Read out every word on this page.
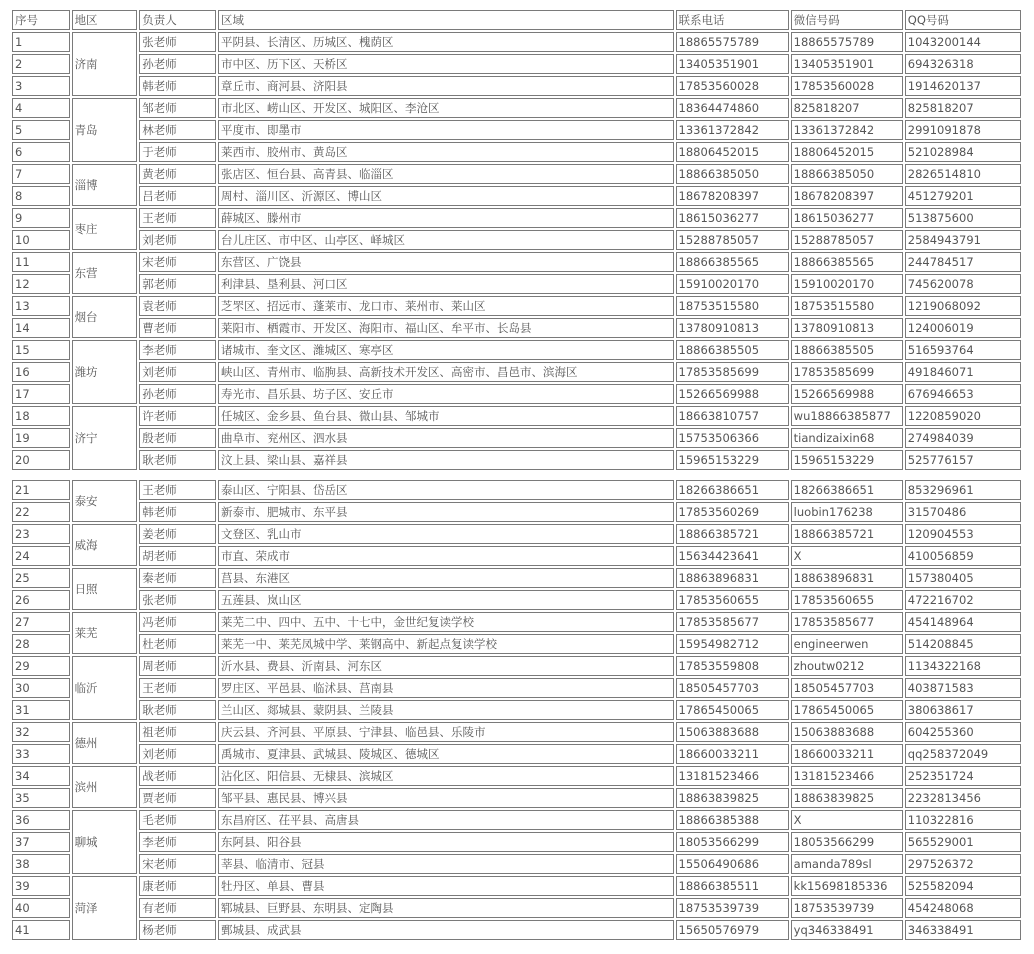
序号	地区	负责人	区域	联系电话	微信号码	QQ号码
1	济南	张老师	平阴县、长清区、历城区、槐荫区	18865575789	18865575789	1043200144
2		孙老师	市中区、历下区、天桥区	13405351901	13405351901	694326318
3		韩老师	章丘市、商河县、济阳县	17853560028	17853560028	1914620137
4	青岛	邹老师	市北区、崂山区、开发区、城阳区、李沧区	18364474860	825818207	825818207
5		林老师	平度市、即墨市	13361372842	13361372842	2991091878
6		于老师	莱西市、胶州市、黄岛区	18806452015	18806452015	521028984
7	淄博	黄老师	张店区、恒台县、高青县、临淄区	18866385050	18866385050	2826514810
8		吕老师	周村、淄川区、沂源区、博山区	18678208397	18678208397	451279201
9	枣庄	王老师	薛城区、滕州市	18615036277	18615036277	513875600
10		刘老师	台儿庄区、市中区、山亭区、峄城区	15288785057	15288785057	2584943791
11	东营	宋老师	东营区、广饶县	18866385565	18866385565	244784517
12		郭老师	利津县、垦利县、河口区	15910020170	15910020170	745620078
13	烟台	袁老师	芝罘区、招远市、蓬莱市、龙口市、莱州市、莱山区	18753515580	18753515580	1219068092
14		曹老师	莱阳市、栖霞市、开发区、海阳市、福山区、牟平市、长岛县	13780910813	13780910813	124006019
15	潍坊	李老师	诸城市、奎文区、潍城区、寒亭区	18866385505	18866385505	516593764
16		刘老师	峡山区、青州市、临朐县、高新技术开发区、高密市、昌邑市、滨海区	17853585699	17853585699	491846071
17		孙老师	寿光市、昌乐县、坊子区、安丘市	15266569988	15266569988	676946653
18	济宁	许老师	任城区、金乡县、鱼台县、微山县、邹城市	18663810757	wu18866385877	1220859020
19		殷老师	曲阜市、兖州区、泗水县	15753506366	tiandizaixin68	274984039
20		耿老师	汶上县、梁山县、嘉祥县	15965153229	15965153229	525776157
21	泰安	王老师	泰山区、宁阳县、岱岳区	18266386651	18266386651	853296961
22		韩老师	新泰市、肥城市、东平县	17853560269	luobin176238	31570486
23	威海	姜老师	文登区、乳山市	18866385721	18866385721	120904553
24		胡老师	市直、荣成市	15634423641	X	410056859
25	日照	秦老师	莒县、东港区	18863896831	18863896831	157380405
26		张老师	五莲县、岚山区	17853560655	17853560655	472216702
27	莱芜	冯老师	莱芜二中、四中、五中、十七中，金世纪复读学校	17853585677	17853585677	454148964
28		杜老师	莱芜一中、莱芜凤城中学、莱钢高中、新起点复读学校	15954982712	engineerwen	514208845
29	临沂	周老师	沂水县、费县、沂南县、河东区	17853559808	zhoutw0212	1134322168
30		王老师	罗庄区、平邑县、临沭县、莒南县	18505457703	18505457703	403871583
31		耿老师	兰山区、郯城县、蒙阴县、兰陵县	17865450065	17865450065	380638617
32	德州	祖老师	庆云县、齐河县、平原县、宁津县、临邑县、乐陵市	15063883688	15063883688	604255360
33		刘老师	禹城市、夏津县、武城县、陵城区、德城区	18660033211	18660033211	qq258372049
34	滨州	战老师	沾化区、阳信县、无棣县、滨城区	13181523466	13181523466	252351724
35		贾老师	邹平县、惠民县、博兴县	18863839825	18863839825	2232813456
36	聊城	毛老师	东昌府区、茌平县、高唐县	18866385388	X	110322816
37		李老师	东阿县、阳谷县	18053566299	18053566299	565529001
38		宋老师	莘县、临清市、冠县	15506490686	amanda789sl	297526372
39	菏泽	康老师	牡丹区、单县、曹县	18866385511	kk15698185336	525582094
40		有老师	郓城县、巨野县、东明县、定陶县	18753539739	18753539739	454248068
41		杨老师	鄄城县、成武县	15650576979	yq346338491	346338491
